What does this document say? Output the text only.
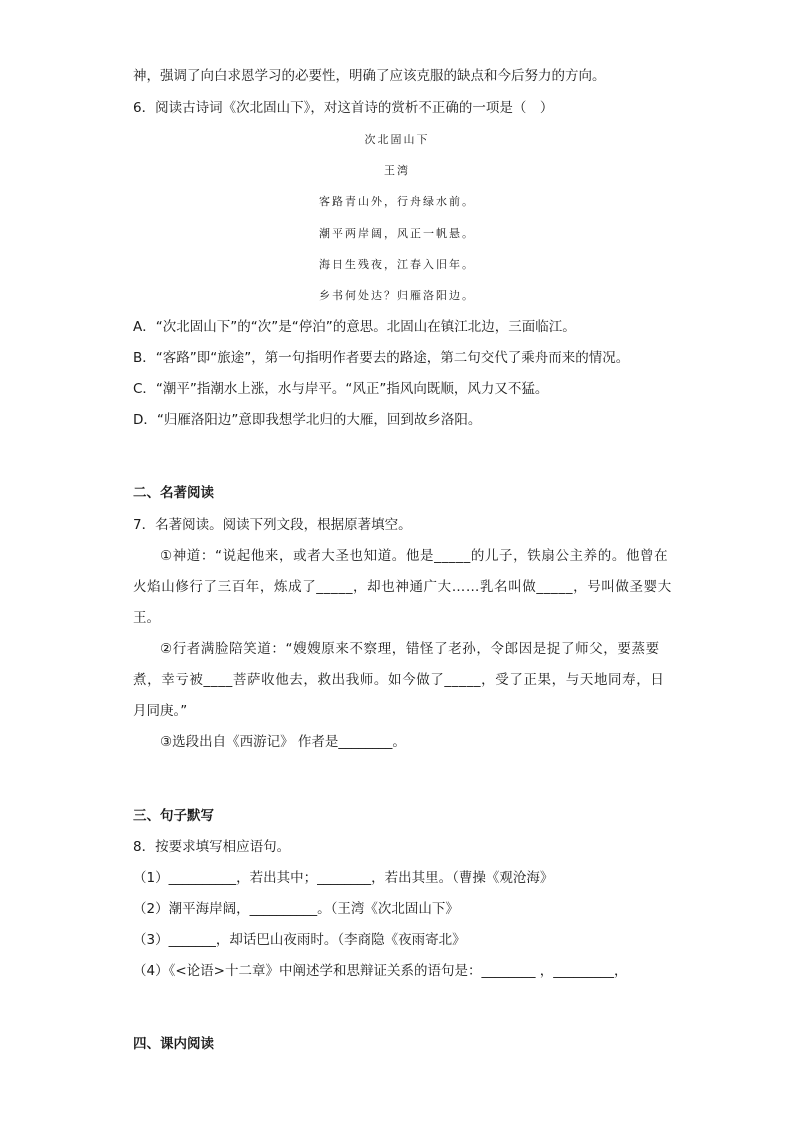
神，强调了向白求恩学习的必要性，明确了应该克服的缺点和今后努力的方向。
6．阅读古诗词《次北固山下》，对这首诗的赏析不正确的一项是（　）
次北固山下
王湾
客路青山外，行舟绿水前。
潮平两岸阔，风正一帆悬。
海日生残夜，江春入旧年。
乡书何处达？归雁洛阳边。
A．“次北固山下”的“次”是“停泊”的意思。北固山在镇江北边，三面临江。
B．“客路”即“旅途”，第一句指明作者要去的路途，第二句交代了乘舟而来的情况。
C．“潮平”指潮水上涨，水与岸平。“风正”指风向既顺，风力又不猛。
D．“归雁洛阳边”意即我想学北归的大雁，回到故乡洛阳。
二、名著阅读
7．名著阅读。阅读下列文段，根据原著填空。
①神道：“说起他来，或者大圣也知道。他是_____的儿子，铁扇公主养的。他曾在
火焰山修行了三百年，炼成了_____，却也神通广大……乳名叫做_____，号叫做圣婴大
王。
②行者满脸陪笑道：“嫂嫂原来不察理，错怪了老孙，令郎因是捉了师父，要蒸要
煮，幸亏被____菩萨收他去，救出我师。如今做了_____，受了正果，与天地同寿，日
月同庚。”
③选段出自《西游记》 作者是________。
三、句子默写
8．按要求填写相应语句。
（1）__________，若出其中；________，若出其里。（曹操《观沧海》
（2）潮平海岸阔，__________。（王湾《次北固山下》
（3）_______，却话巴山夜雨时。（李商隐《夜雨寄北》
（4）《<论语>十二章》中阐述学和思辩证关系的语句是：________ ，_________，
四、课内阅读
